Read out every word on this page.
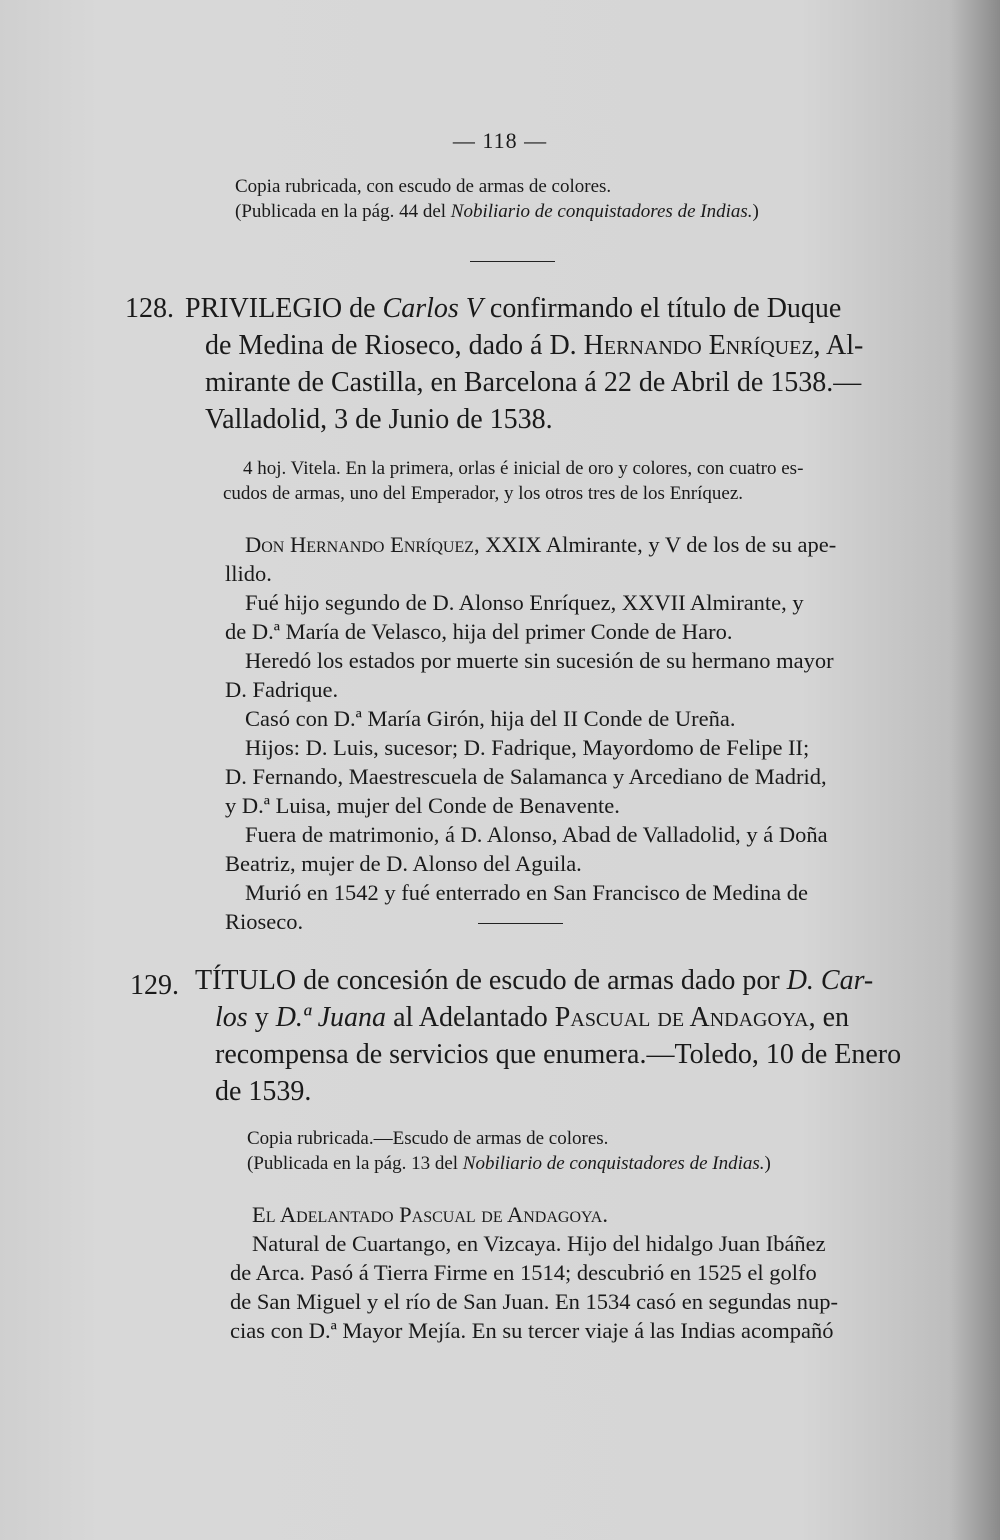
— 118 —
Copia rubricada, con escudo de armas de colores.
(Publicada en la pág. 44 del Nobiliario de conquistadores de Indias.)
128. PRIVILEGIO de Carlos V confirmando el título de Duque
de Medina de Rioseco, dado á D. Hernando Enríquez, Al-
mirante de Castilla, en Barcelona á 22 de Abril de 1538.—
Valladolid, 3 de Junio de 1538.
4 hoj. Vitela. En la primera, orlas é inicial de oro y colores, con cuatro es-
cudos de armas, uno del Emperador, y los otros tres de los Enríquez.
Don Hernando Enríquez, XXIX Almirante, y V de los de su ape-
llido.
Fué hijo segundo de D. Alonso Enríquez, XXVII Almirante, y
de D.ª María de Velasco, hija del primer Conde de Haro.
Heredó los estados por muerte sin sucesión de su hermano mayor
D. Fadrique.
Casó con D.ª María Girón, hija del II Conde de Ureña.
Hijos: D. Luis, sucesor; D. Fadrique, Mayordomo de Felipe II;
D. Fernando, Maestrescuela de Salamanca y Arcediano de Madrid,
y D.ª Luisa, mujer del Conde de Benavente.
Fuera de matrimonio, á D. Alonso, Abad de Valladolid, y á Doña
Beatriz, mujer de D. Alonso del Aguila.
Murió en 1542 y fué enterrado en San Francisco de Medina de
Rioseco.
129. TÍTULO de concesión de escudo de armas dado por D. Car-
los y D.ª Juana al Adelantado Pascual de Andagoya, en
recompensa de servicios que enumera.—Toledo, 10 de Enero
de 1539.
Copia rubricada.—Escudo de armas de colores.
(Publicada en la pág. 13 del Nobiliario de conquistadores de Indias.)
El Adelantado Pascual de Andagoya.
Natural de Cuartango, en Vizcaya. Hijo del hidalgo Juan Ibáñez
de Arca. Pasó á Tierra Firme en 1514; descubrió en 1525 el golfo
de San Miguel y el río de San Juan. En 1534 casó en segundas nup-
cias con D.ª Mayor Mejía. En su tercer viaje á las Indias acompañó
